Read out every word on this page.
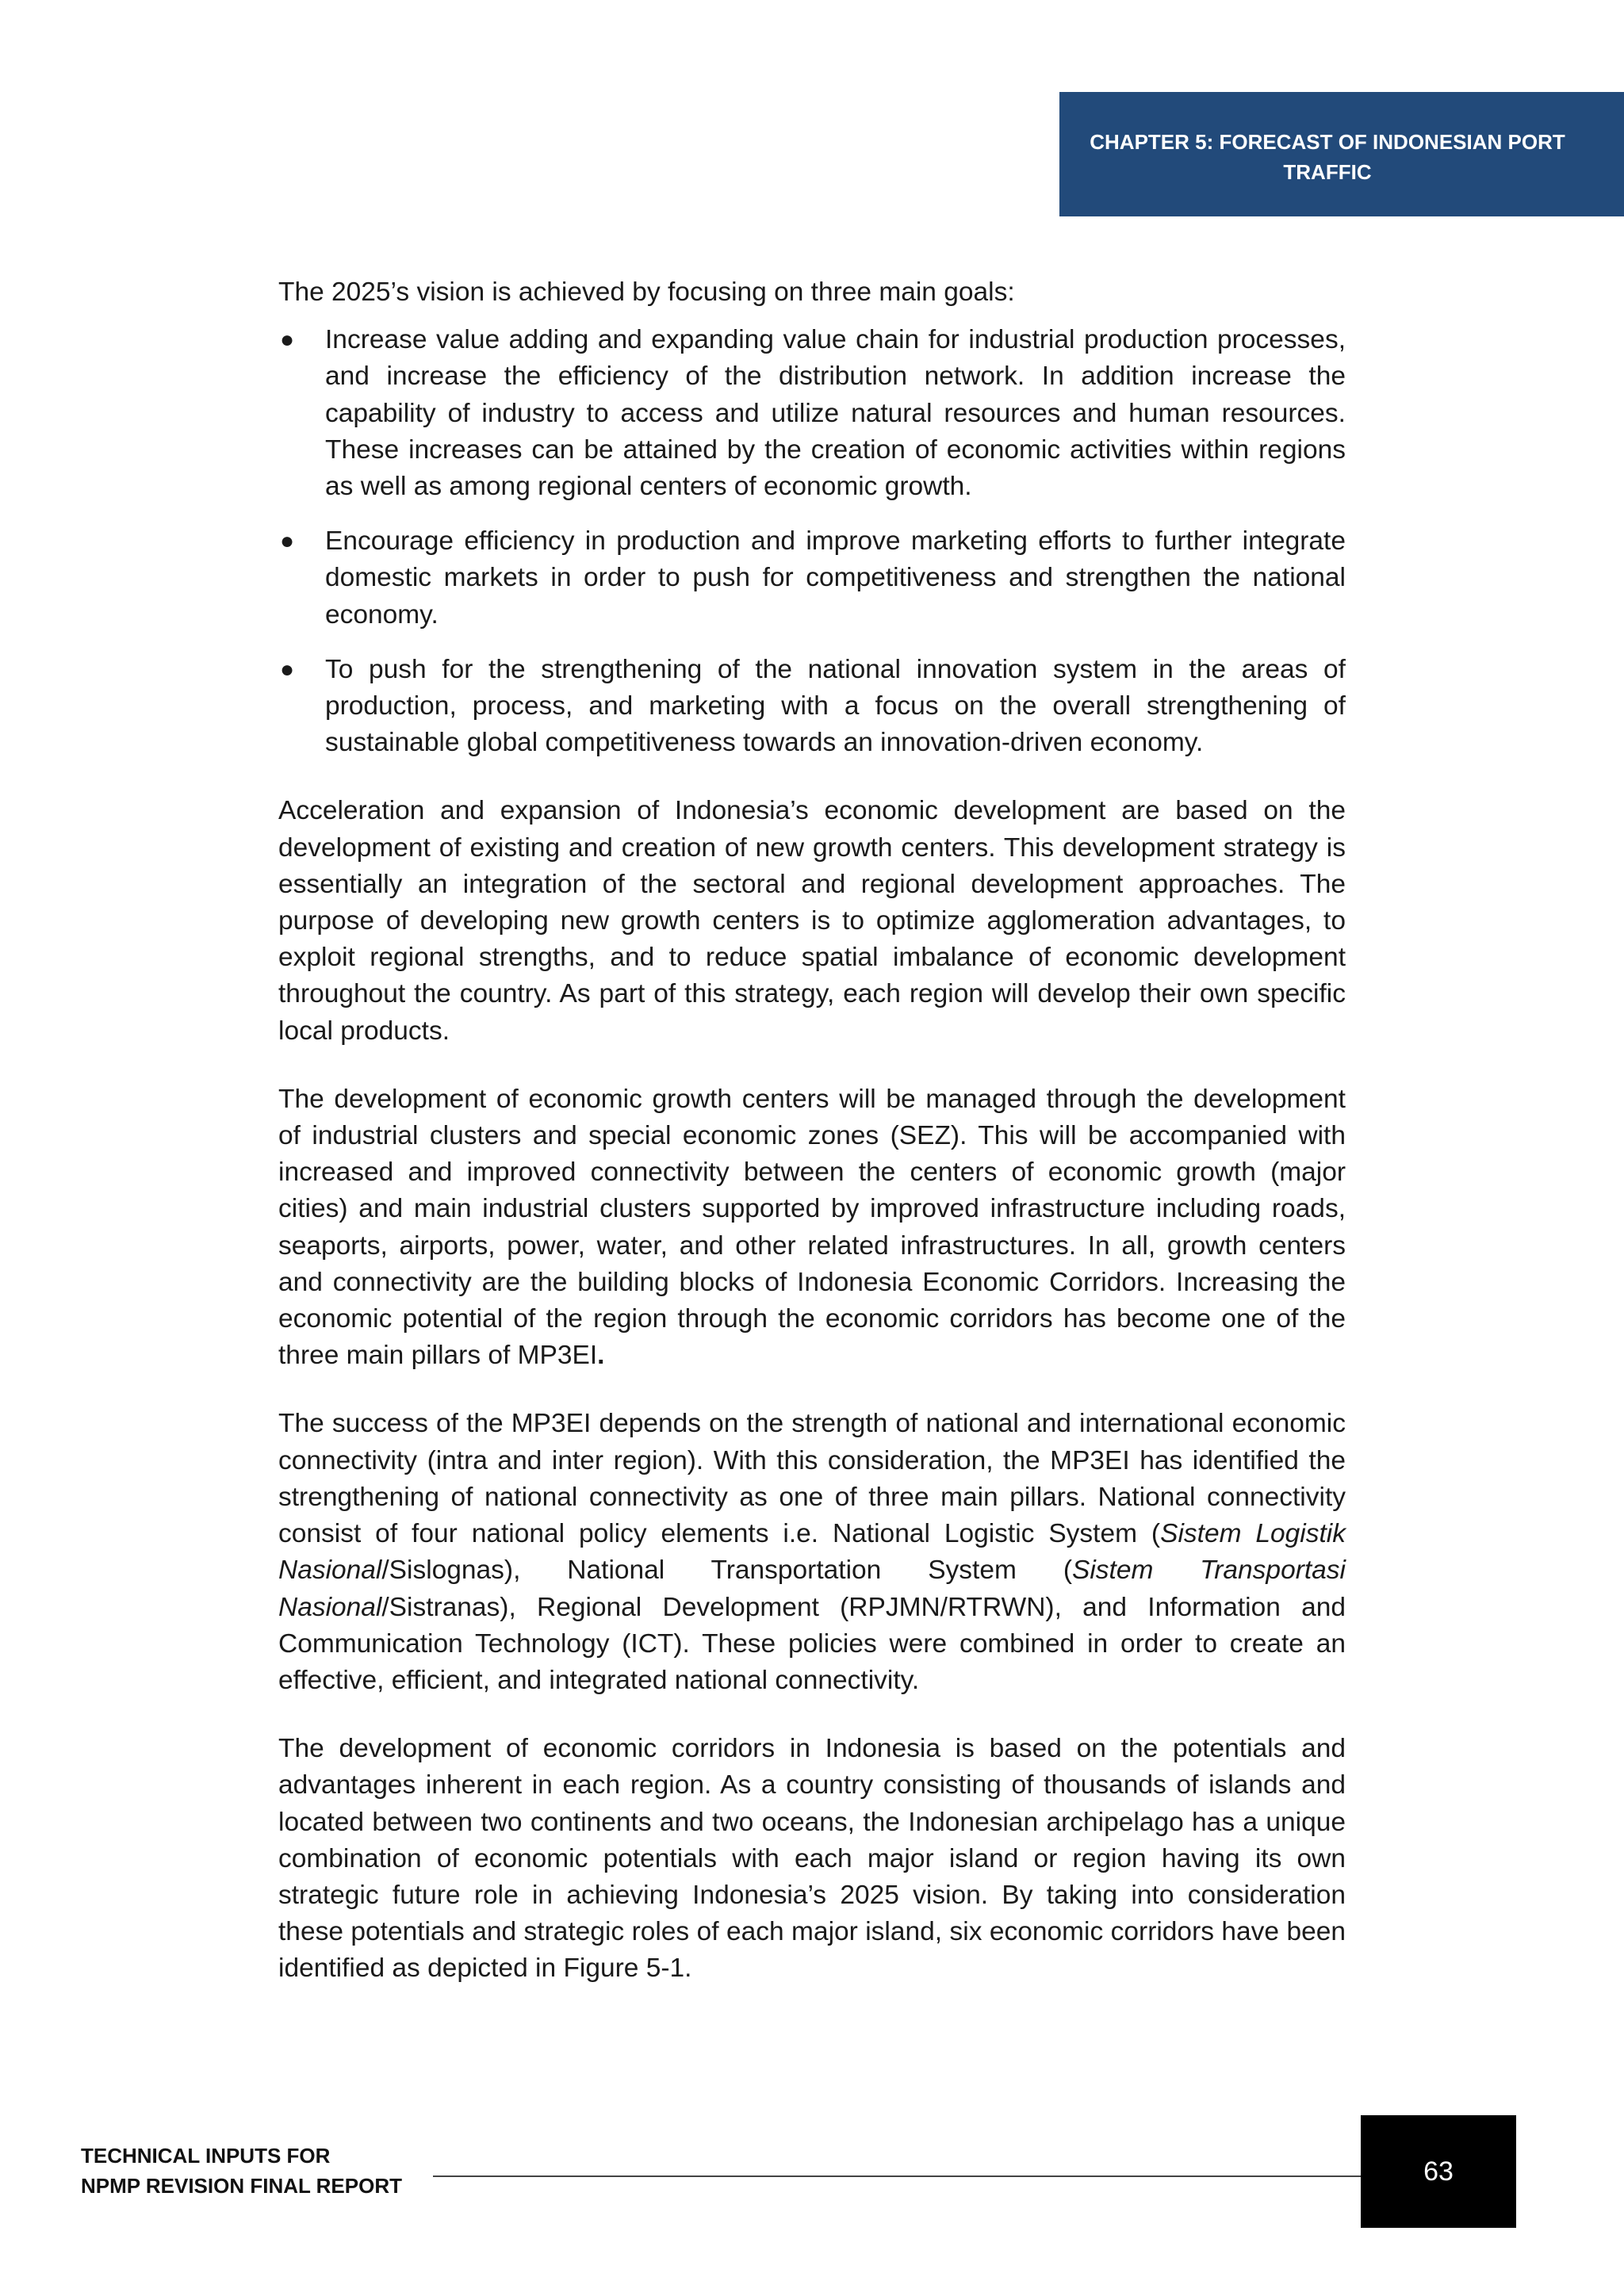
CHAPTER 5: FORECAST OF INDONESIAN PORT
TRAFFIC

The 2025’s vision is achieved by focusing on three main goals:

● Increase value adding and expanding value chain for industrial production processes, and increase the efficiency of the distribution network. In addition increase the capability of industry to access and utilize natural resources and human resources. These increases can be attained by the creation of economic activities within regions as well as among regional centers of economic growth.
● Encourage efficiency in production and improve marketing efforts to further integrate domestic markets in order to push for competitiveness and strengthen the national economy.
● To push for the strengthening of the national innovation system in the areas of production, process, and marketing with a focus on the overall strengthening of sustainable global competitiveness towards an innovation-driven economy.

Acceleration and expansion of Indonesia’s economic development are based on the development of existing and creation of new growth centers. This development strategy is essentially an integration of the sectoral and regional development approaches. The purpose of developing new growth centers is to optimize agglomeration advantages, to exploit regional strengths, and to reduce spatial imbalance of economic development throughout the country. As part of this strategy, each region will develop their own specific local products.

The development of economic growth centers will be managed through the development of industrial clusters and special economic zones (SEZ). This will be accompanied with increased and improved connectivity between the centers of economic growth (major cities) and main industrial clusters supported by improved infrastructure including roads, seaports, airports, power, water, and other related infrastructures. In all, growth centers and connectivity are the building blocks of Indonesia Economic Corridors. Increasing the economic potential of the region through the economic corridors has become one of the three main pillars of MP3EI.

The success of the MP3EI depends on the strength of national and international economic connectivity (intra and inter region). With this consideration, the MP3EI has identified the strengthening of national connectivity as one of three main pillars. National connectivity consist of four national policy elements i.e. National Logistic System (Sistem Logistik Nasional/Sislognas), National Transportation System (Sistem Transportasi Nasional/Sistranas), Regional Development (RPJMN/RTRWN), and Information and Communication Technology (ICT). These policies were combined in order to create an effective, efficient, and integrated national connectivity.

The development of economic corridors in Indonesia is based on the potentials and advantages inherent in each region. As a country consisting of thousands of islands and located between two continents and two oceans, the Indonesian archipelago has a unique combination of economic potentials with each major island or region having its own strategic future role in achieving Indonesia’s 2025 vision. By taking into consideration these potentials and strategic roles of each major island, six economic corridors have been identified as depicted in Figure 5-1.

TECHNICAL INPUTS FOR
NPMP REVISION FINAL REPORT	63
